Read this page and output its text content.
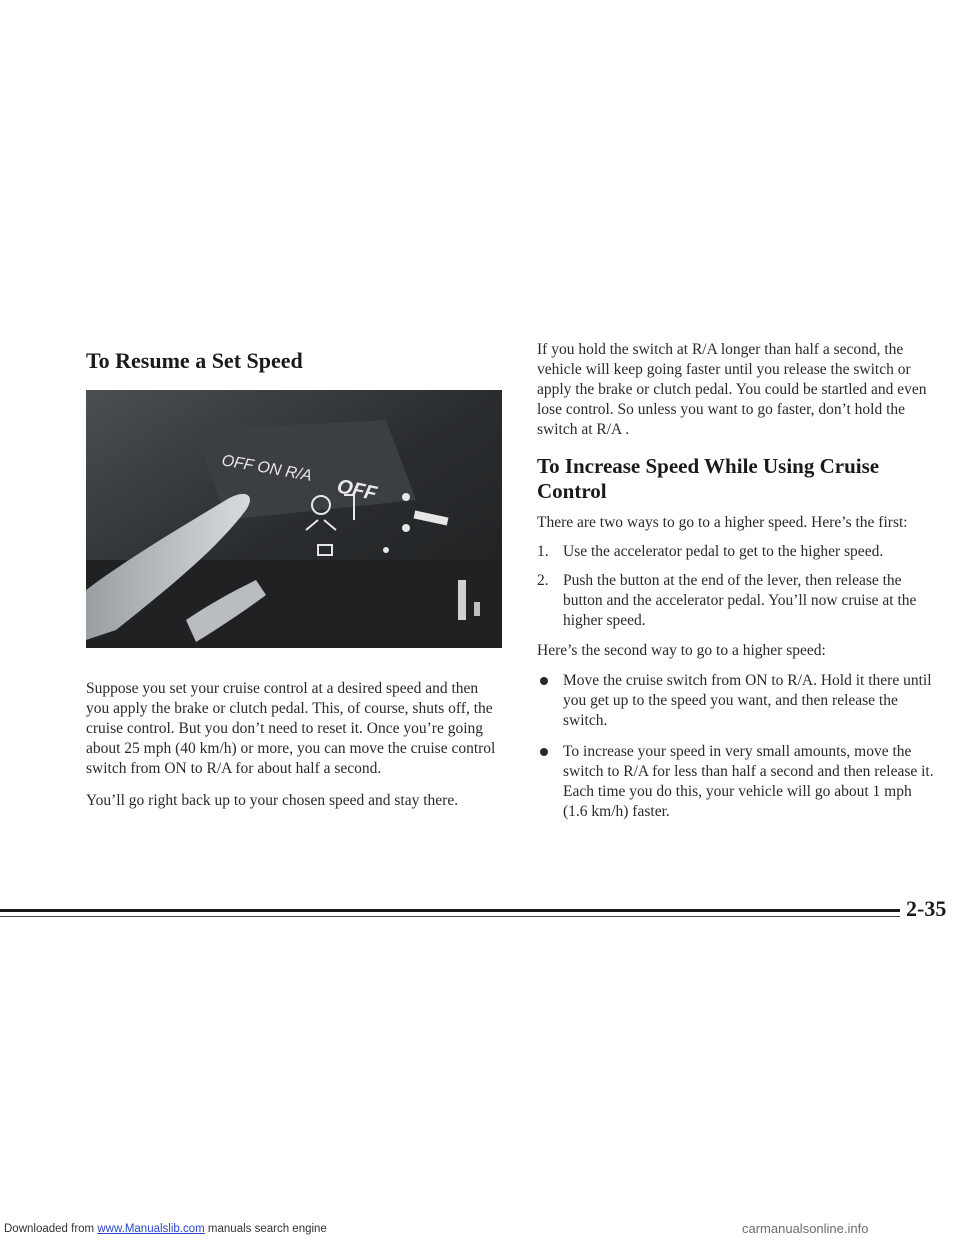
To Resume a Set Speed
OFF ON R/A
OFF

Suppose you set your cruise control at a desired speed and then you apply the brake or clutch pedal. This, of course, shuts off, the cruise control. But you don’t need to reset it. Once you’re going about 25 mph (40 km/h) or more, you can move the cruise control switch from ON to R/A for about half a second.

You’ll go right back up to your chosen speed and stay there.

If you hold the switch at R/A longer than half a second, the vehicle will keep going faster until you release the switch or apply the brake or clutch pedal. You could be startled and even lose control. So unless you want to go faster, don’t hold the switch at R/A .

To Increase Speed While Using Cruise Control

There are two ways to go to a higher speed. Here’s the first:

1. Use the accelerator pedal to get to the higher speed.
2. Push the button at the end of the lever, then release the button and the accelerator pedal. You’ll now cruise at the higher speed.

Here’s the second way to go to a higher speed:

Move the cruise switch from ON to R/A. Hold it there until you get up to the speed you want, and then release the switch.
To increase your speed in very small amounts, move the switch to R/A for less than half a second and then release it. Each time you do this, your vehicle will go about 1 mph (1.6 km/h) faster.
2-35
Downloaded from www.Manualslib.com manuals search engine	carmanualsonline.info
